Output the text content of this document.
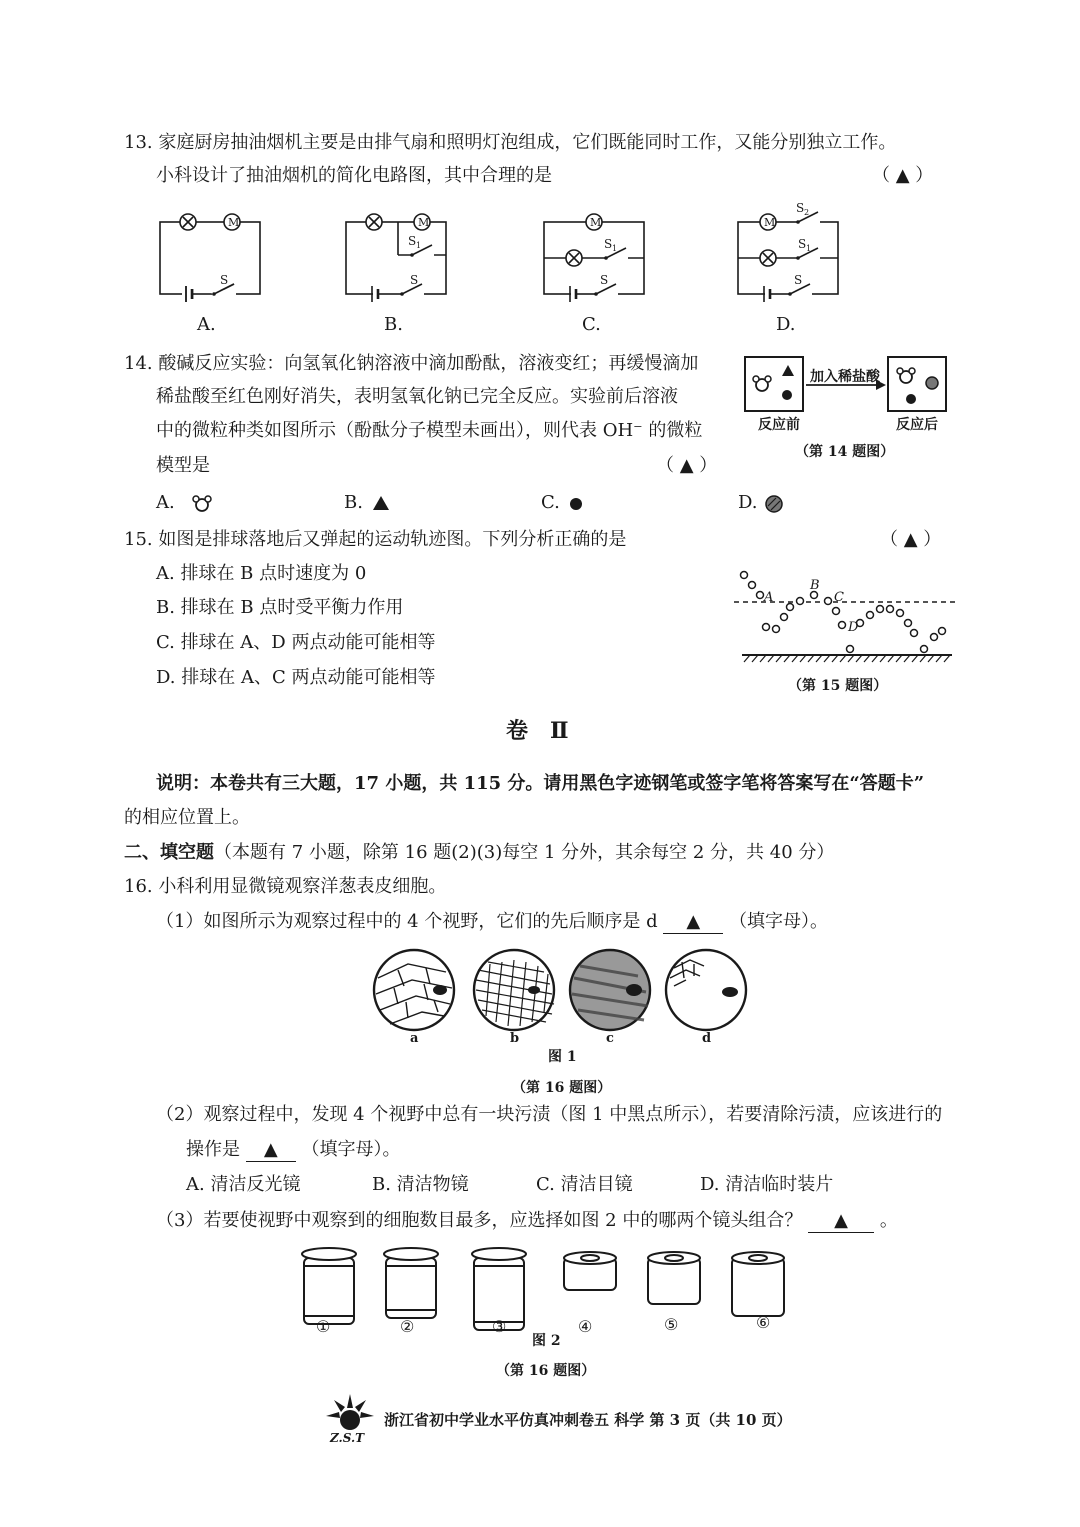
13. 家庭厨房抽油烟机主要是由排气扇和照明灯泡组成，它们既能同时工作，又能分别独立工作。
小科设计了抽油烟机的简化电路图，其中合理的是	（ ▲ ）
M
S
A.
M
S 1
S
B.
M
S 1
S
C.
M
S 2
S 1
S
D.
14. 酸碱反应实验：向氢氧化钠溶液中滴加酚酞，溶液变红；再缓慢滴加
稀盐酸至红色刚好消失，表明氢氧化钠已完全反应。实验前后溶液
中的微粒种类如图所示（酚酞分子模型未画出），则代表 OH⁻ 的微粒
模型是	（ ▲ ）
加入稀盐酸
反应前	反应后
（第 14 题图）
A.	B.	C.	D.
15. 如图是排球落地后又弹起的运动轨迹图。下列分析正确的是	（ ▲ ）
A. 排球在 B 点时速度为 0
B. 排球在 B 点时受平衡力作用
C. 排球在 A、D 两点动能可能相等
D. 排球在 A、C 两点动能可能相等
A
B
C
D
（第 15 题图）
卷　Ⅱ
说明：本卷共有三大题，17 小题，共 115 分。请用黑色字迹钢笔或签字笔将答案写在“答题卡”
的相应位置上。
二、填空题（本题有 7 小题，除第 16 题(2)(3)每空 1 分外，其余每空 2 分，共 40 分）
16. 小科利用显微镜观察洋葱表皮细胞。
（1）如图所示为观察过程中的 4 个视野，它们的先后顺序是 d ▲ （填字母）。
a	b	c	d
图 1
（第 16 题图）
（2）观察过程中，发现 4 个视野中总有一块污渍（图 1 中黑点所示），若要清除污渍，应该进行的
操作是 ▲ （填字母）。
A. 清洁反光镜	B. 清洁物镜	C. 清洁目镜	D. 清洁临时装片
（3）若要使视野中观察到的细胞数目最多，应选择如图 2 中的哪两个镜头组合？ ▲ 。
①	②	③	④	⑤	⑥
图 2
（第 16 题图）
Z.S.T
浙江省初中学业水平仿真冲刺卷五 科学 第 3 页（共 10 页）
